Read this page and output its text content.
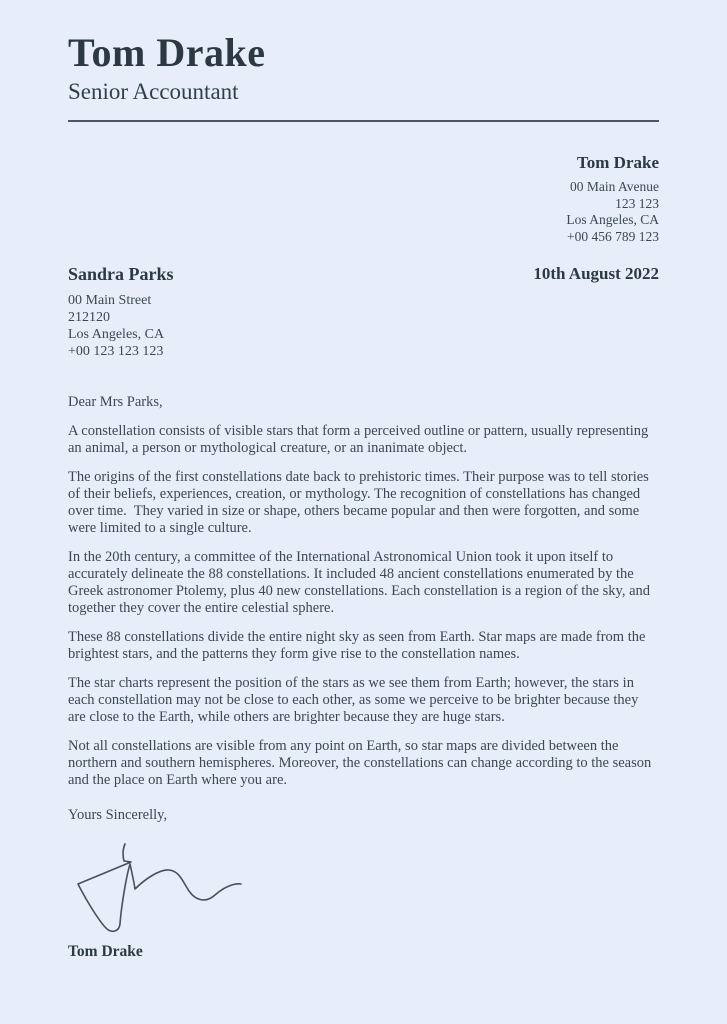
Tom Drake
Senior Accountant
Tom Drake
00 Main Avenue
123 123
Los Angeles, CA
+00 456 789 123
Sandra Parks
00 Main Street
212120
Los Angeles, CA
+00 123 123 123
10th August 2022
Dear Mrs Parks,

A constellation consists of visible stars that form a perceived outline or pattern, usually representing an animal, a person or mythological creature, or an inanimate object.

The origins of the first constellations date back to prehistoric times. Their purpose was to tell stories of their beliefs, experiences, creation, or mythology. The recognition of constellations has changed over time.  They varied in size or shape, others became popular and then were forgotten, and some were limited to a single culture.

In the 20th century, a committee of the International Astronomical Union took it upon itself to accurately delineate the 88 constellations. It included 48 ancient constellations enumerated by the Greek astronomer Ptolemy, plus 40 new constellations. Each constellation is a region of the sky, and together they cover the entire celestial sphere.

These 88 constellations divide the entire night sky as seen from Earth. Star maps are made from the brightest stars, and the patterns they form give rise to the constellation names.

The star charts represent the position of the stars as we see them from Earth; however, the stars in each constellation may not be close to each other, as some we perceive to be brighter because they are close to the Earth, while others are brighter because they are huge stars.

Not all constellations are visible from any point on Earth, so star maps are divided between the northern and southern hemispheres. Moreover, the constellations can change according to the season and the place on Earth where you are.

Yours Sincerelly,
Tom Drake
